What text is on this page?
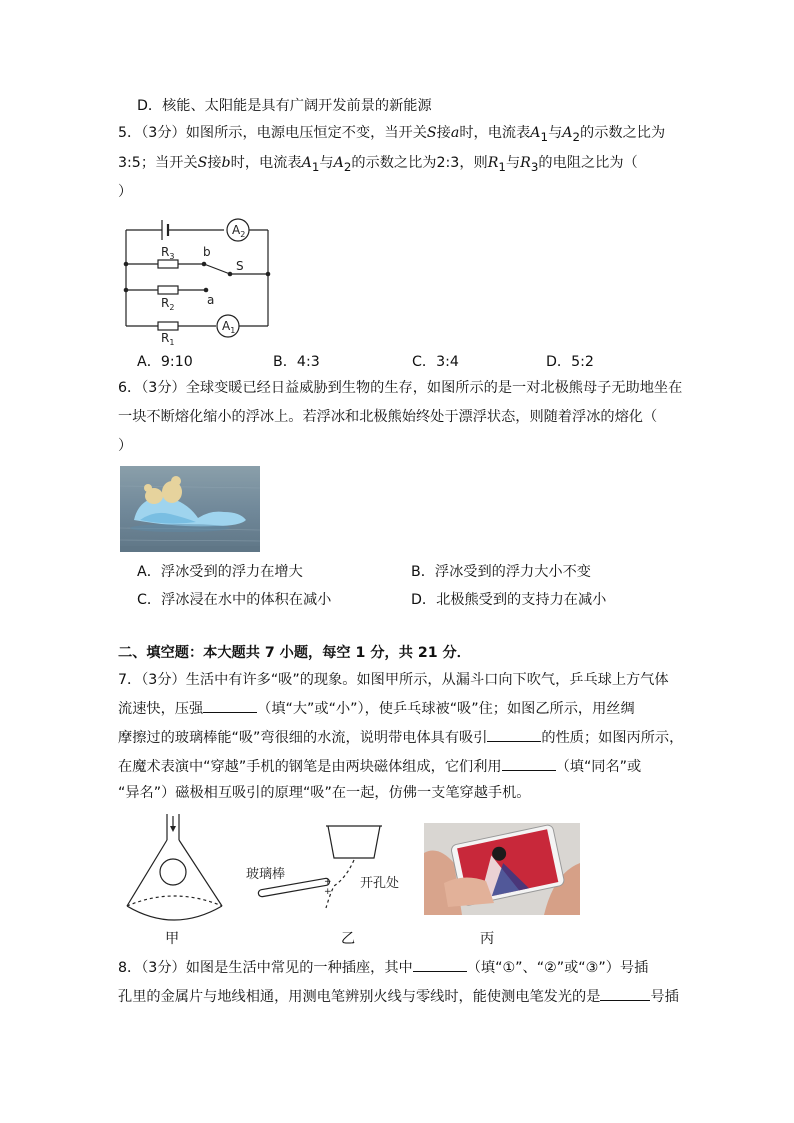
D．核能、太阳能是具有广阔开发前景的新能源
5．（3分）如图所示，电源电压恒定不变，当开关S接a时，电流表$A_1$与$A_2$的示数之比为
3:5；当开关S接b时，电流表$A_1$与$A_2$的示数之比为2:3，则$R_1$与$R_3$的电阻之比为（
）
$A_2$
$A_1$
$R_3$
$R_2$
$R_1$
b
a
S
A．9:10	B．4:3	C．3:4	D．5:2
6．（3分）全球变暖已经日益威胁到生物的生存，如图所示的是一对北极熊母子无助地坐在
一块不断熔化缩小的浮冰上。若浮冰和北极熊始终处于漂浮状态，则随着浮冰的熔化（
）
A．浮冰受到的浮力在增大	B．浮冰受到的浮力大小不变
C．浮冰浸在水中的体积在减小	D．北极熊受到的支持力在减小
二、填空题：本大题共 7 小题，每空 1 分，共 21 分．
7．（3分）生活中有许多“吸”的现象。如图甲所示，从漏斗口向下吹气，乒乓球上方气体
流速快，压强	（填“大”或“小”），使乒乓球被“吸”住；如图乙所示，用丝绸
摩擦过的玻璃棒能“吸”弯很细的水流，说明带电体具有吸引	的性质；如图丙所示，
在魔术表演中“穿越”手机的钢笔是由两块磁体组成，它们利用	（填“同名”或
“异名”）磁极相互吸引的原理“吸”在一起，仿佛一支笔穿越手机。
+
+
玻璃棒
开孔处
甲	乙	丙
8．（3分）如图是生活中常见的一种插座，其中	（填“①”、“②”或“③”）号插
孔里的金属片与地线相通，用测电笔辨别火线与零线时，能使测电笔发光的是	号插
